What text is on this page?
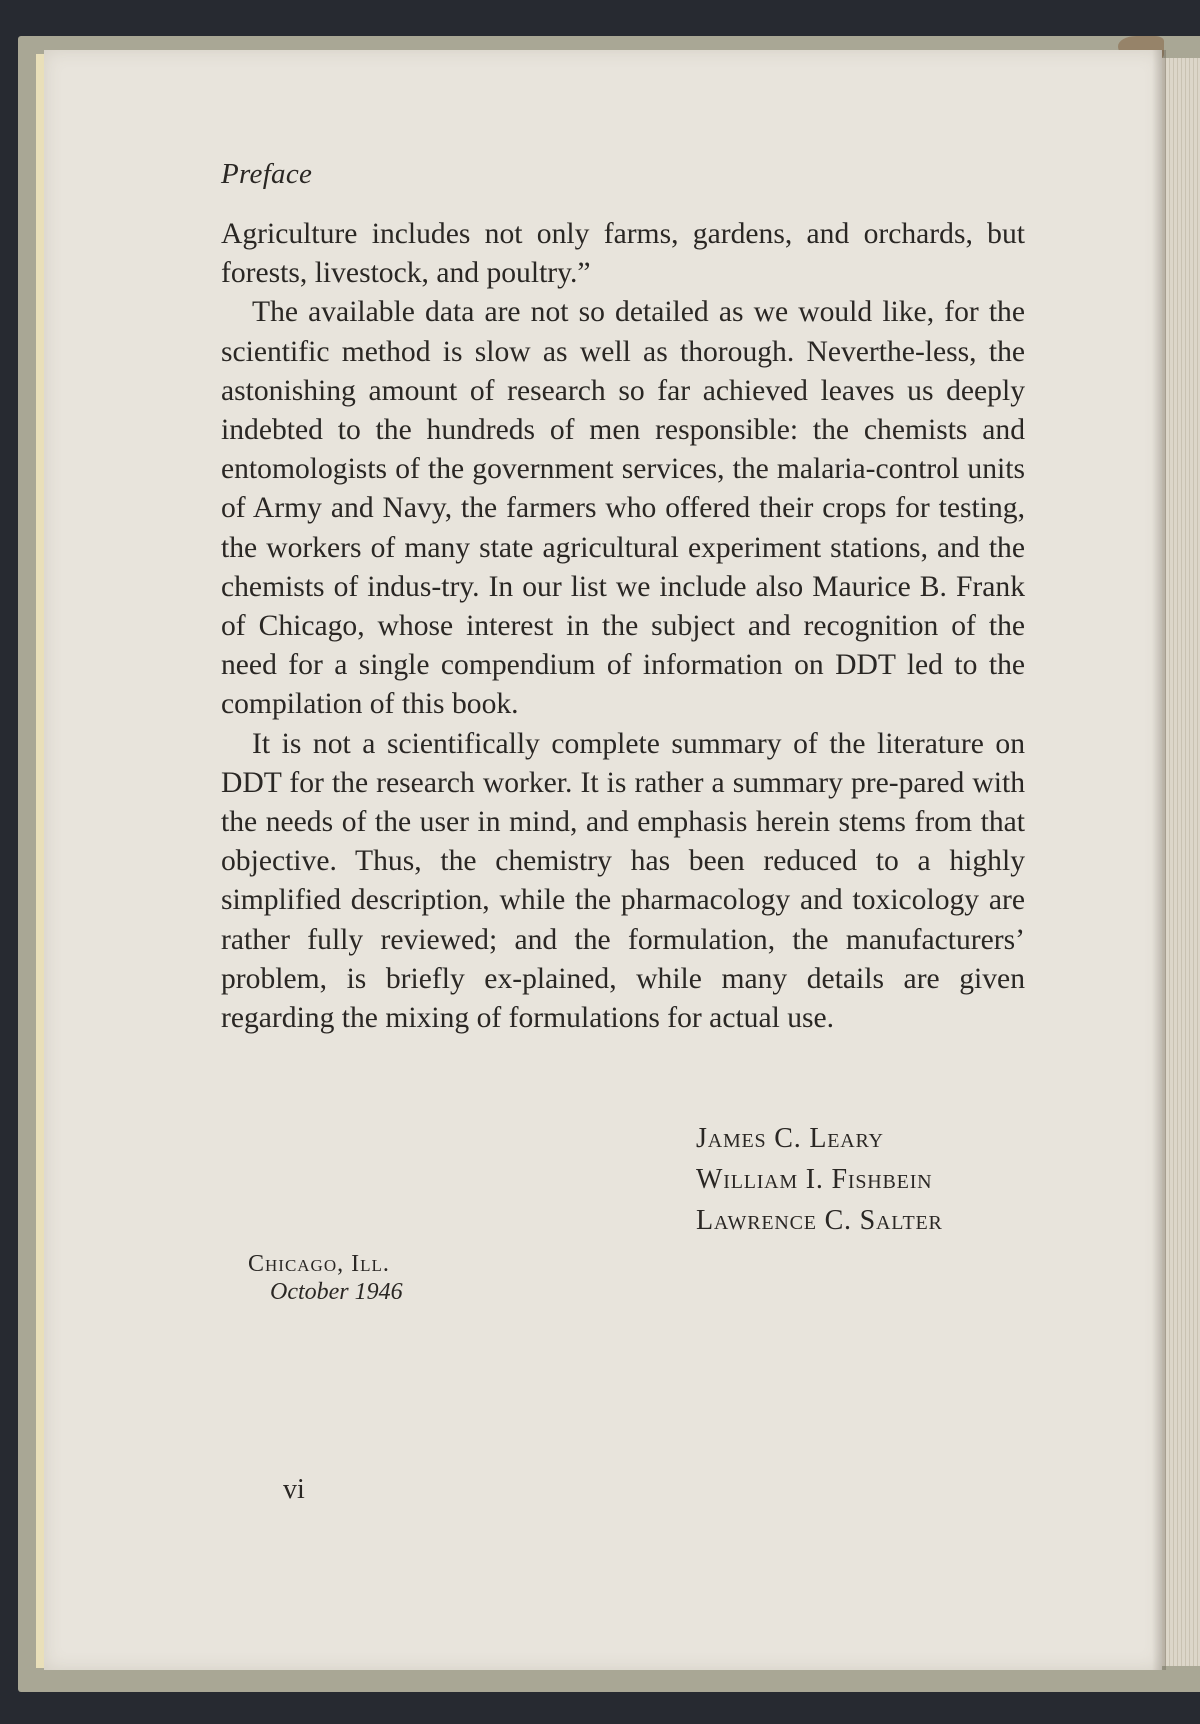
Preface

Agriculture includes not only farms, gardens, and orchards, but forests, livestock, and poultry.”

The available data are not so detailed as we would like, for the scientific method is slow as well as thorough. Neverthe-less, the astonishing amount of research so far achieved leaves us deeply indebted to the hundreds of men responsible: the chemists and entomologists of the government services, the malaria-control units of Army and Navy, the farmers who offered their crops for testing, the workers of many state agricultural experiment stations, and the chemists of indus-try. In our list we include also Maurice B. Frank of Chicago, whose interest in the subject and recognition of the need for a single compendium of information on DDT led to the compilation of this book.

It is not a scientifically complete summary of the literature on DDT for the research worker. It is rather a summary pre-pared with the needs of the user in mind, and emphasis herein stems from that objective. Thus, the chemistry has been reduced to a highly simplified description, while the pharmacology and toxicology are rather fully reviewed; and the formulation, the manufacturers’ problem, is briefly ex-plained, while many details are given regarding the mixing of formulations for actual use.

James C. Leary
William I. Fishbein
Lawrence C. Salter
Chicago, Ill.
October 1946
vi
